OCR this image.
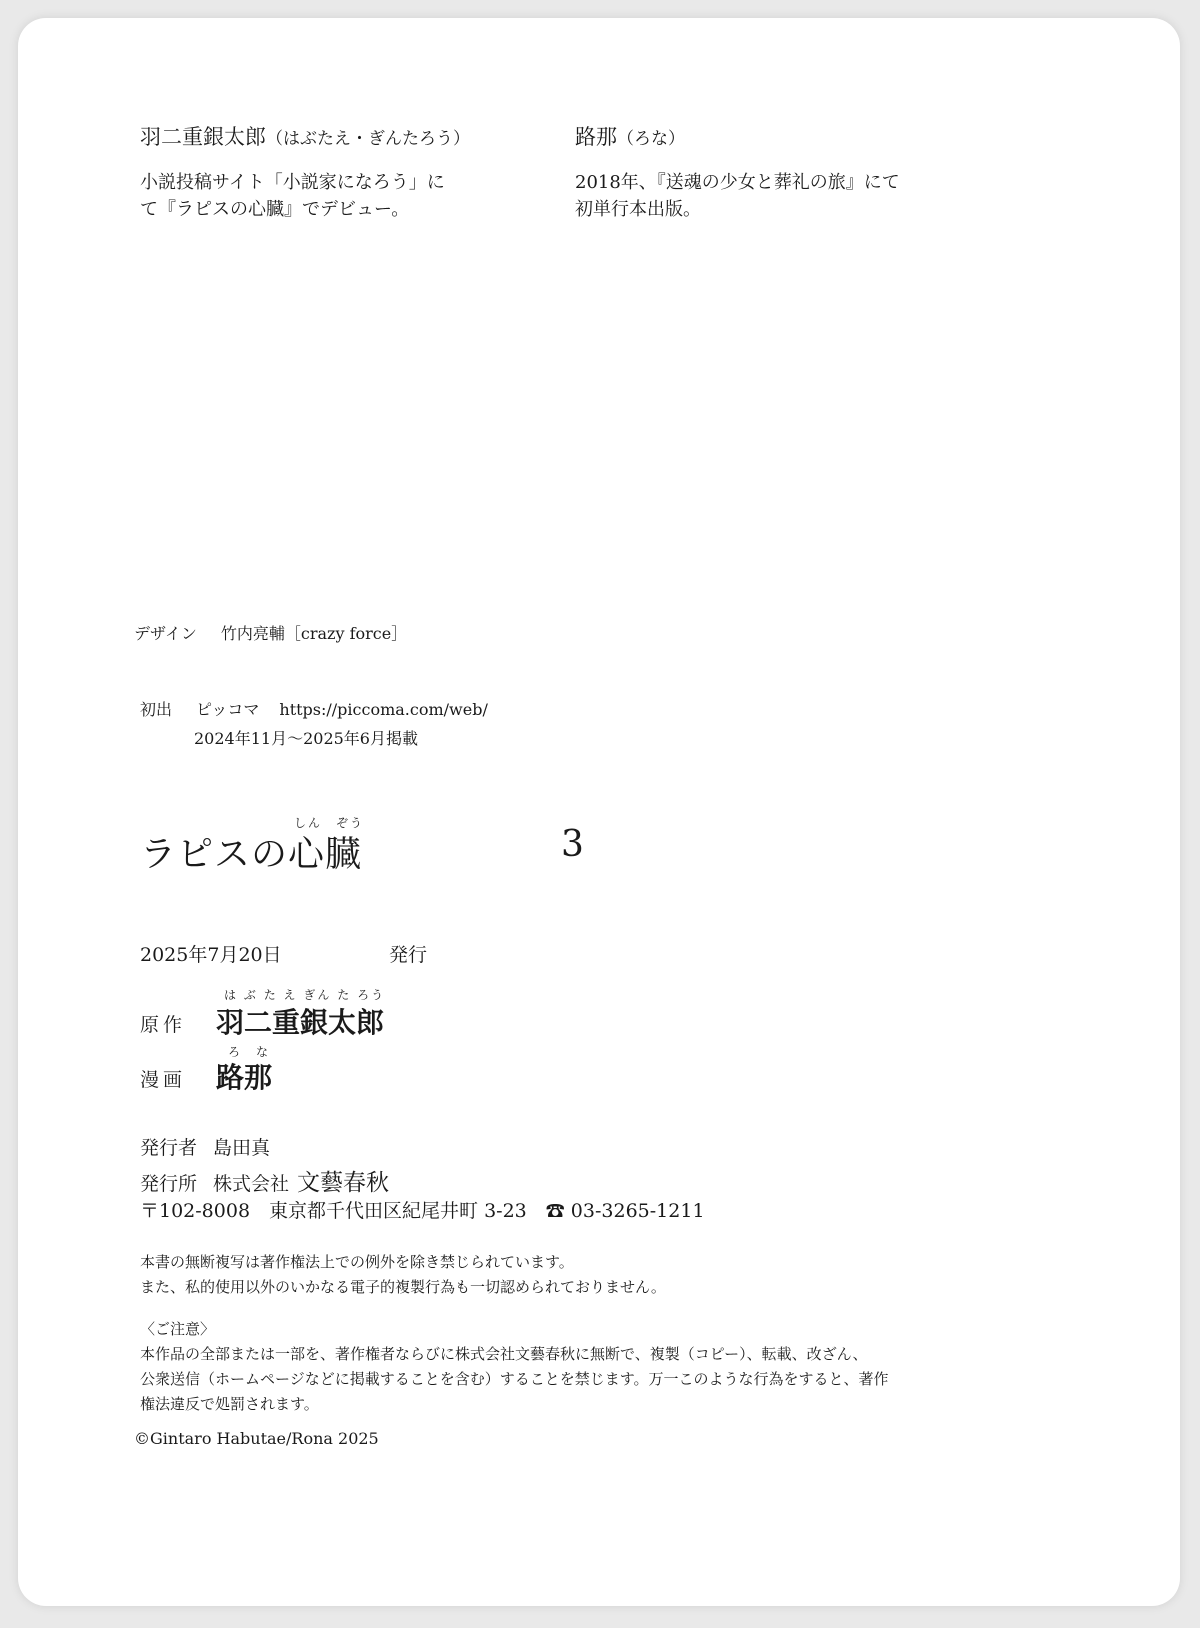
羽二重銀太郎（はぶたえ・ぎんたろう）
小説投稿サイト「小説家になろう」に
て『ラピスの心臓』でデビュー。
路那（ろな）
2018年、『送魂の少女と葬礼の旅』にて
初単行本出版。
デザイン 竹内亮輔［crazy force］
初出 ピッコマ https://piccoma.com/web/
2024年11月〜2025年6月掲載
しん ぞう
ラピスの心臓	3
2025年7月20日	発行
は ぶ た え ぎん た ろう
原作 羽二重銀太郎
ろ な
漫画 路那
発行者 島田真
発行所 株式会社 文藝春秋
〒102-8008　東京都千代田区紀尾井町 3-23　☎ 03-3265-1211
本書の無断複写は著作権法上での例外を除き禁じられています。
また、私的使用以外のいかなる電子的複製行為も一切認められておりません。
〈ご注意〉
本作品の全部または一部を、著作権者ならびに株式会社文藝春秋に無断で、複製（コピー）、転載、改ざん、
公衆送信（ホームページなどに掲載することを含む）することを禁じます。万一このような行為をすると、著作
権法違反で処罰されます。
©Gintaro Habutae/Rona 2025
